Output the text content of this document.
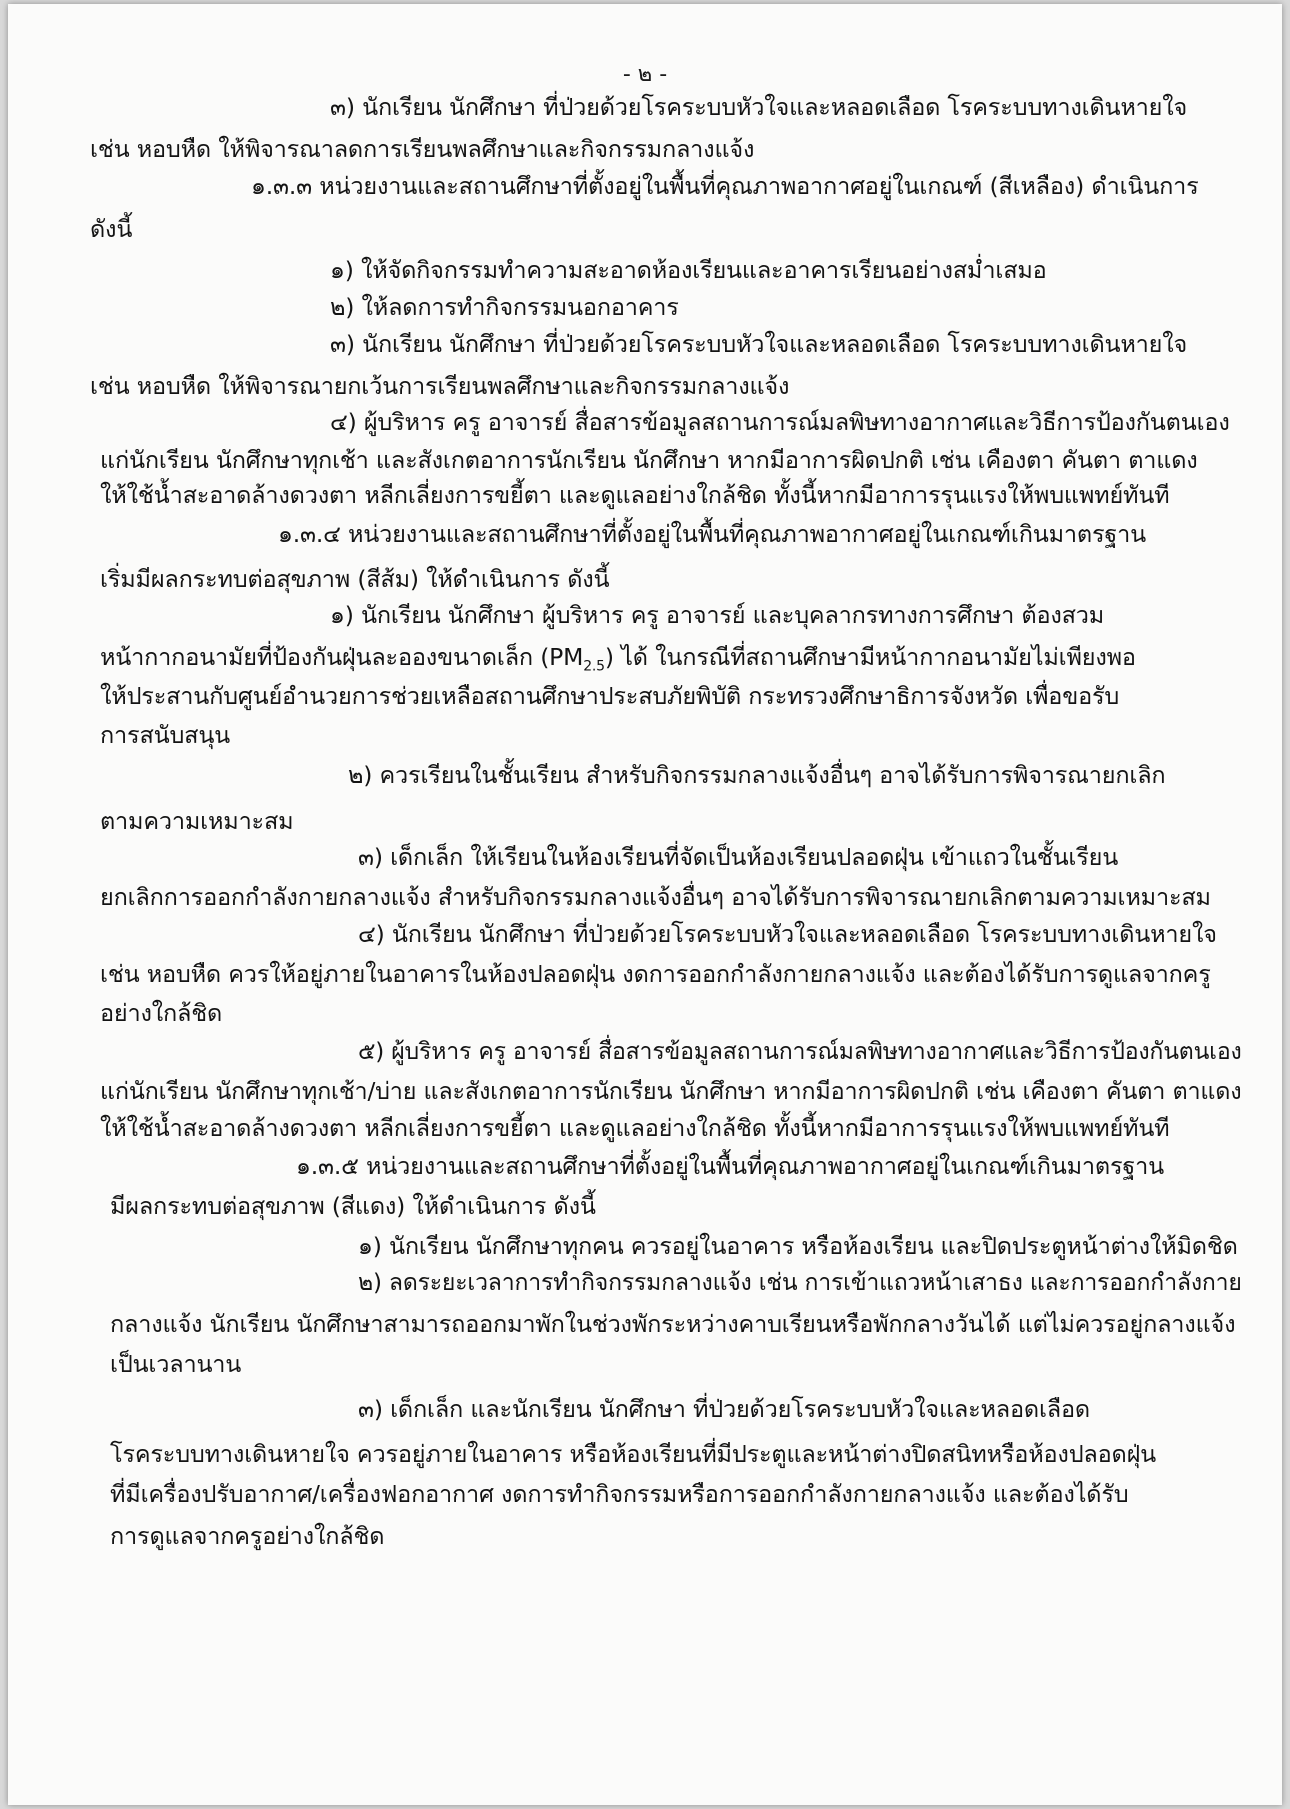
- ๒ -
๓) นักเรียน นักศึกษา ที่ป่วยด้วยโรคระบบหัวใจและหลอดเลือด โรคระบบทางเดินหายใจ
เช่น หอบหืด ให้พิจารณาลดการเรียนพลศึกษาและกิจกรรมกลางแจ้ง
๑.๓.๓ หน่วยงานและสถานศึกษาที่ตั้งอยู่ในพื้นที่คุณภาพอากาศอยู่ในเกณฑ์ (สีเหลือง) ดำเนินการ
ดังนี้
๑) ให้จัดกิจกรรมทำความสะอาดห้องเรียนและอาคารเรียนอย่างสม่ำเสมอ
๒) ให้ลดการทำกิจกรรมนอกอาคาร
๓) นักเรียน นักศึกษา ที่ป่วยด้วยโรคระบบหัวใจและหลอดเลือด โรคระบบทางเดินหายใจ
เช่น หอบหืด ให้พิจารณายกเว้นการเรียนพลศึกษาและกิจกรรมกลางแจ้ง
๔) ผู้บริหาร ครู อาจารย์ สื่อสารข้อมูลสถานการณ์มลพิษทางอากาศและวิธีการป้องกันตนเอง
แก่นักเรียน นักศึกษาทุกเช้า และสังเกตอาการนักเรียน นักศึกษา หากมีอาการผิดปกติ เช่น เคืองตา คันตา ตาแดง
ให้ใช้น้ำสะอาดล้างดวงตา หลีกเลี่ยงการขยี้ตา และดูแลอย่างใกล้ชิด ทั้งนี้หากมีอาการรุนแรงให้พบแพทย์ทันที
๑.๓.๔ หน่วยงานและสถานศึกษาที่ตั้งอยู่ในพื้นที่คุณภาพอากาศอยู่ในเกณฑ์เกินมาตรฐาน
เริ่มมีผลกระทบต่อสุขภาพ (สีส้ม) ให้ดำเนินการ ดังนี้
๑) นักเรียน นักศึกษา ผู้บริหาร ครู อาจารย์ และบุคลากรทางการศึกษา ต้องสวม
หน้ากากอนามัยที่ป้องกันฝุ่นละอองขนาดเล็ก $(PM_{2.5})$ ได้ ในกรณีที่สถานศึกษามีหน้ากากอนามัยไม่เพียงพอ
ให้ประสานกับศูนย์อำนวยการช่วยเหลือสถานศึกษาประสบภัยพิบัติ กระทรวงศึกษาธิการจังหวัด เพื่อขอรับ
การสนับสนุน
๒) ควรเรียนในชั้นเรียน สำหรับกิจกรรมกลางแจ้งอื่นๆ อาจได้รับการพิจารณายกเลิก
ตามความเหมาะสม
๓) เด็กเล็ก ให้เรียนในห้องเรียนที่จัดเป็นห้องเรียนปลอดฝุ่น เข้าแถวในชั้นเรียน
ยกเลิกการออกกำลังกายกลางแจ้ง สำหรับกิจกรรมกลางแจ้งอื่นๆ อาจได้รับการพิจารณายกเลิกตามความเหมาะสม
๔) นักเรียน นักศึกษา ที่ป่วยด้วยโรคระบบหัวใจและหลอดเลือด โรคระบบทางเดินหายใจ
เช่น หอบหืด ควรให้อยู่ภายในอาคารในห้องปลอดฝุ่น งดการออกกำลังกายกลางแจ้ง และต้องได้รับการดูแลจากครู
อย่างใกล้ชิด
๕) ผู้บริหาร ครู อาจารย์ สื่อสารข้อมูลสถานการณ์มลพิษทางอากาศและวิธีการป้องกันตนเอง
แก่นักเรียน นักศึกษาทุกเช้า/บ่าย และสังเกตอาการนักเรียน นักศึกษา หากมีอาการผิดปกติ เช่น เคืองตา คันตา ตาแดง
ให้ใช้น้ำสะอาดล้างดวงตา หลีกเลี่ยงการขยี้ตา และดูแลอย่างใกล้ชิด ทั้งนี้หากมีอาการรุนแรงให้พบแพทย์ทันที
๑.๓.๕ หน่วยงานและสถานศึกษาที่ตั้งอยู่ในพื้นที่คุณภาพอากาศอยู่ในเกณฑ์เกินมาตรฐาน
มีผลกระทบต่อสุขภาพ (สีแดง) ให้ดำเนินการ ดังนี้
๑) นักเรียน นักศึกษาทุกคน ควรอยู่ในอาคาร หรือห้องเรียน และปิดประตูหน้าต่างให้มิดชิด
๒) ลดระยะเวลาการทำกิจกรรมกลางแจ้ง เช่น การเข้าแถวหน้าเสาธง และการออกกำลังกาย
กลางแจ้ง นักเรียน นักศึกษาสามารถออกมาพักในช่วงพักระหว่างคาบเรียนหรือพักกลางวันได้ แต่ไม่ควรอยู่กลางแจ้ง
เป็นเวลานาน
๓) เด็กเล็ก และนักเรียน นักศึกษา ที่ป่วยด้วยโรคระบบหัวใจและหลอดเลือด
โรคระบบทางเดินหายใจ ควรอยู่ภายในอาคาร หรือห้องเรียนที่มีประตูและหน้าต่างปิดสนิทหรือห้องปลอดฝุ่น
ที่มีเครื่องปรับอากาศ/เครื่องฟอกอากาศ งดการทำกิจกรรมหรือการออกกำลังกายกลางแจ้ง และต้องได้รับ
การดูแลจากครูอย่างใกล้ชิด
